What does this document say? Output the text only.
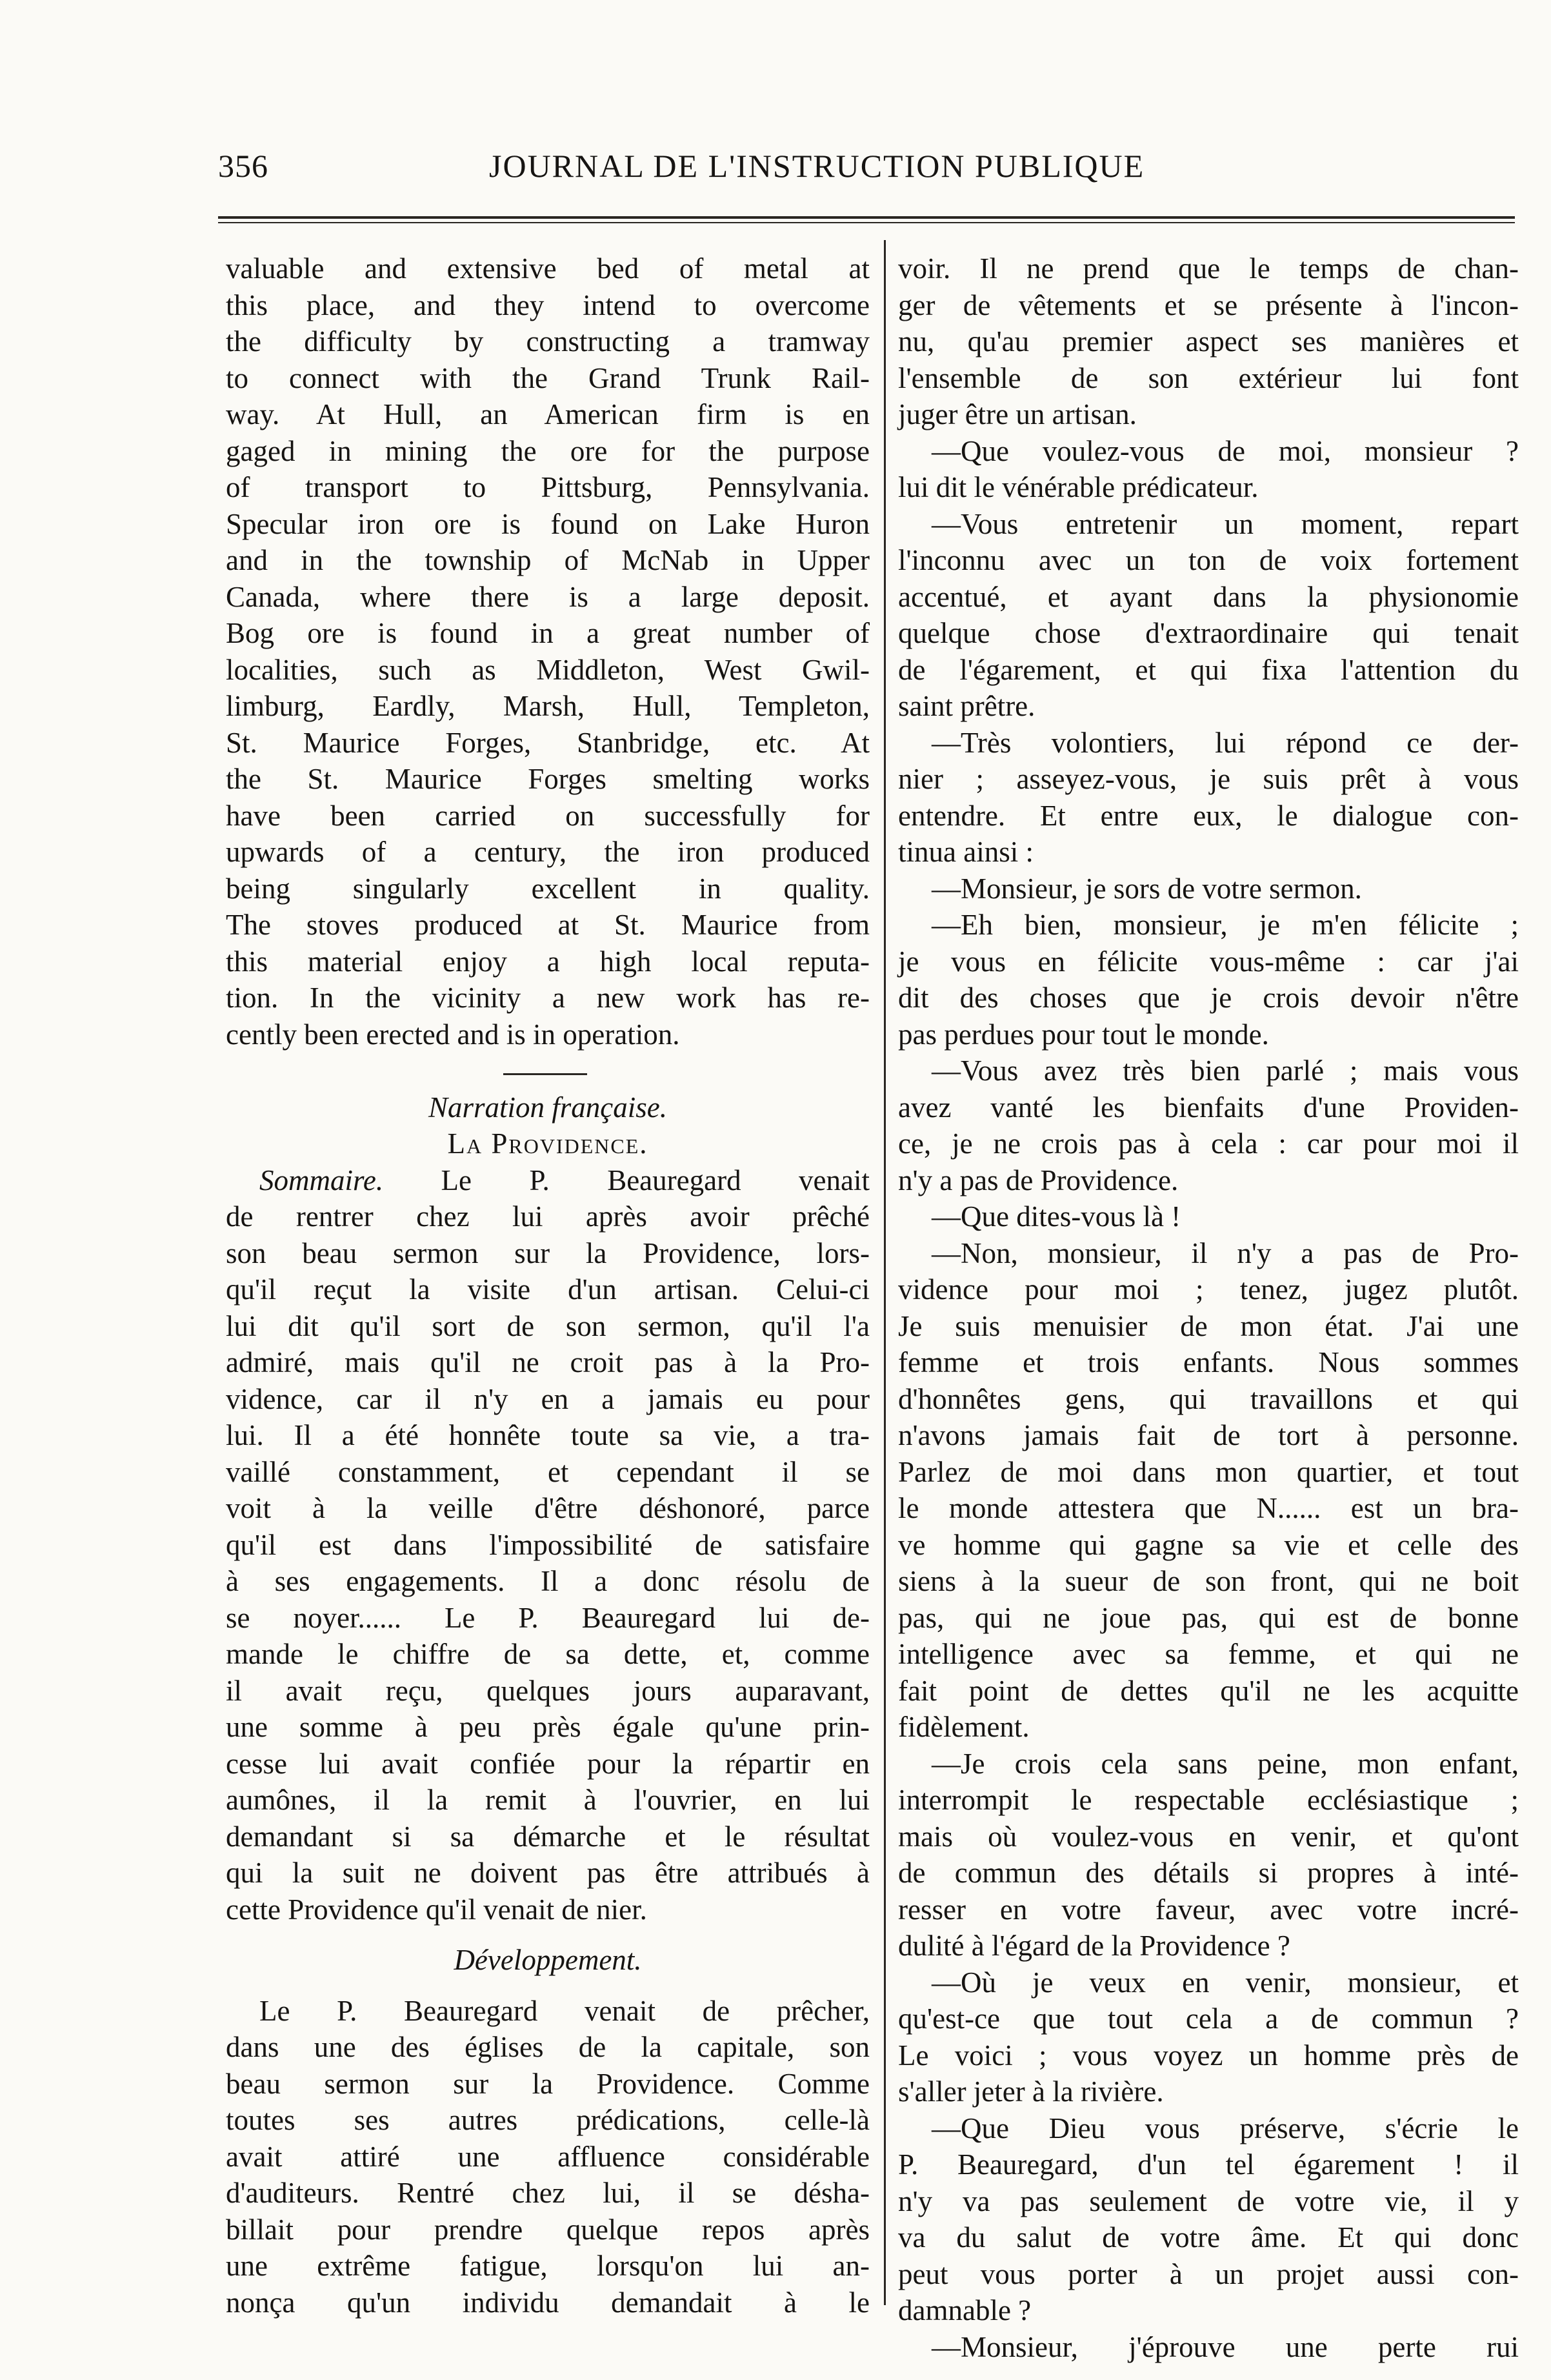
356	JOURNAL DE L'INSTRUCTION PUBLIQUE
valuable and extensive bed of metal at
this place, and they intend to overcome
the difficulty by constructing a tramway
to connect with the Grand Trunk Rail-
way. At Hull, an American firm is en
gaged in mining the ore for the purpose
of transport to Pittsburg, Pennsylvania.
Specular iron ore is found on Lake Huron
and in the township of McNab in Upper
Canada, where there is a large deposit.
Bog ore is found in a great number of
localities, such as Middleton, West Gwil-
limburg, Eardly, Marsh, Hull, Templeton,
St. Maurice Forges, Stanbridge, etc. At
the St. Maurice Forges smelting works
have been carried on successfully for
upwards of a century, the iron produced
being singularly excellent in quality.
The stoves produced at St. Maurice from
this material enjoy a high local reputa-
tion. In the vicinity a new work has re-
cently been erected and is in operation.
Narration française.
La Providence.
Sommaire. Le P. Beauregard venait
de rentrer chez lui après avoir prêché
son beau sermon sur la Providence, lors-
qu'il reçut la visite d'un artisan. Celui-ci
lui dit qu'il sort de son sermon, qu'il l'a
admiré, mais qu'il ne croit pas à la Pro-
vidence, car il n'y en a jamais eu pour
lui. Il a été honnête toute sa vie, a tra-
vaillé constamment, et cependant il se
voit à la veille d'être déshonoré, parce
qu'il est dans l'impossibilité de satisfaire
à ses engagements. Il a donc résolu de
se noyer...... Le P. Beauregard lui de-
mande le chiffre de sa dette, et, comme
il avait reçu, quelques jours auparavant,
une somme à peu près égale qu'une prin-
cesse lui avait confiée pour la répartir en
aumônes, il la remit à l'ouvrier, en lui
demandant si sa démarche et le résultat
qui la suit ne doivent pas être attribués à
cette Providence qu'il venait de nier.
Développement.
Le P. Beauregard venait de prêcher,
dans une des églises de la capitale, son
beau sermon sur la Providence. Comme
toutes ses autres prédications, celle-là
avait attiré une affluence considérable
d'auditeurs. Rentré chez lui, il se désha-
billait pour prendre quelque repos après
une extrême fatigue, lorsqu'on lui an-
nonça qu'un individu demandait à le
voir. Il ne prend que le temps de chan-
ger de vêtements et se présente à l'incon-
nu, qu'au premier aspect ses manières et
l'ensemble de son extérieur lui font
juger être un artisan.
—Que voulez-vous de moi, monsieur ?
lui dit le vénérable prédicateur.
—Vous entretenir un moment, repart
l'inconnu avec un ton de voix fortement
accentué, et ayant dans la physionomie
quelque chose d'extraordinaire qui tenait
de l'égarement, et qui fixa l'attention du
saint prêtre.
—Très volontiers, lui répond ce der-
nier ; asseyez-vous, je suis prêt à vous
entendre. Et entre eux, le dialogue con-
tinua ainsi :
—Monsieur, je sors de votre sermon.
—Eh bien, monsieur, je m'en félicite ;
je vous en félicite vous-même : car j'ai
dit des choses que je crois devoir n'être
pas perdues pour tout le monde.
—Vous avez très bien parlé ; mais vous
avez vanté les bienfaits d'une Providen-
ce, je ne crois pas à cela : car pour moi il
n'y a pas de Providence.
—Que dites-vous là !
—Non, monsieur, il n'y a pas de Pro-
vidence pour moi ; tenez, jugez plutôt.
Je suis menuisier de mon état. J'ai une
femme et trois enfants. Nous sommes
d'honnêtes gens, qui travaillons et qui
n'avons jamais fait de tort à personne.
Parlez de moi dans mon quartier, et tout
le monde attestera que N...... est un bra-
ve homme qui gagne sa vie et celle des
siens à la sueur de son front, qui ne boit
pas, qui ne joue pas, qui est de bonne
intelligence avec sa femme, et qui ne
fait point de dettes qu'il ne les acquitte
fidèlement.
—Je crois cela sans peine, mon enfant,
interrompit le respectable ecclésiastique ;
mais où voulez-vous en venir, et qu'ont
de commun des détails si propres à inté-
resser en votre faveur, avec votre incré-
dulité à l'égard de la Providence ?
—Où je veux en venir, monsieur, et
qu'est-ce que tout cela a de commun ?
Le voici ; vous voyez un homme près de
s'aller jeter à la rivière.
—Que Dieu vous préserve, s'écrie le
P. Beauregard, d'un tel égarement ! il
n'y va pas seulement de votre vie, il y
va du salut de votre âme. Et qui donc
peut vous porter à un projet aussi con-
damnable ?
—Monsieur, j'éprouve une perte rui
